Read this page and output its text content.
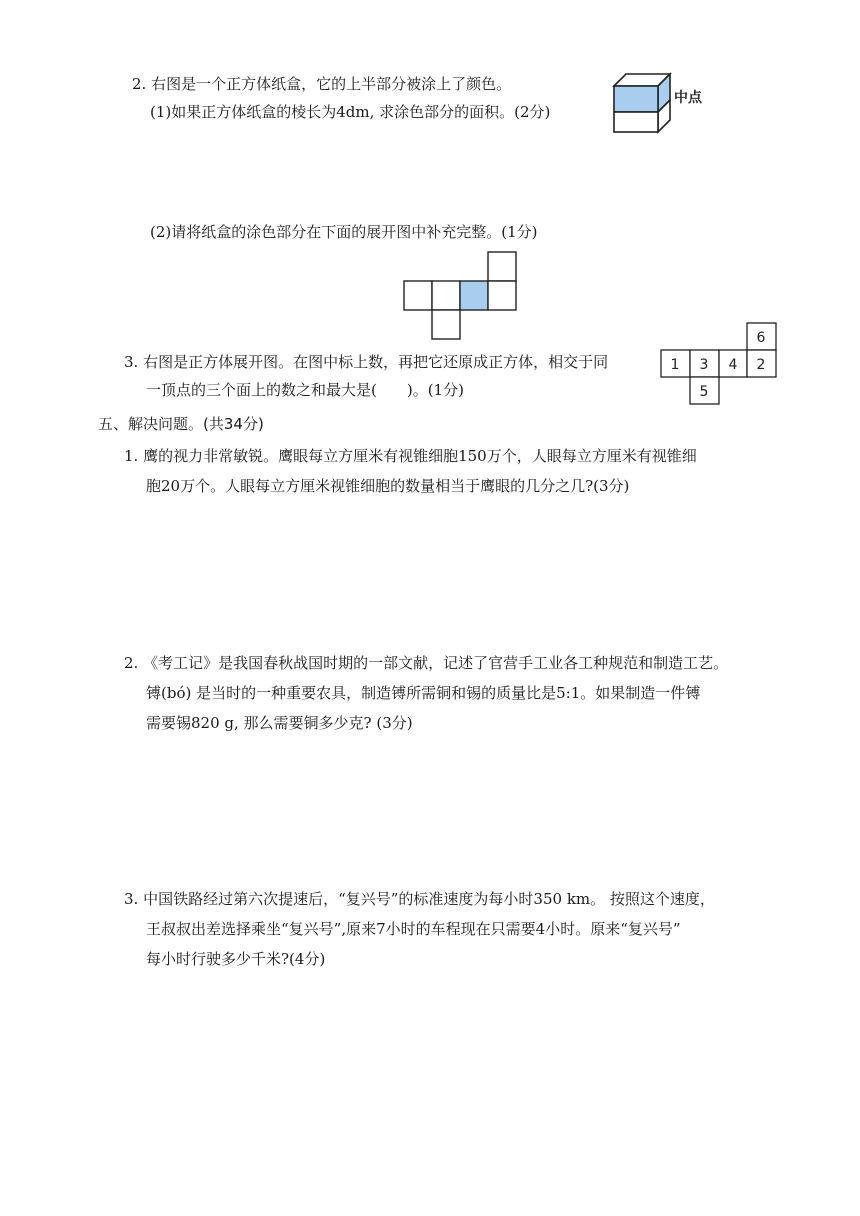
2. 右图是一个正方体纸盒，它的上半部分被涂上了颜色。
(1)如果正方体纸盒的棱长为4dm, 求涂色部分的面积。(2分)
中点
(2)请将纸盒的涂色部分在下面的展开图中补充完整。(1分)
3. 右图是正方体展开图。在图中标上数，再把它还原成正方体，相交于同
一顶点的三个面上的数之和最大是(　　)。(1分)
6
1 3 4 2
5
五、解决问题。(共34分)
1. 鹰的视力非常敏锐。鹰眼每立方厘米有视锥细胞150万个，人眼每立方厘米有视锥细
胞20万个。人眼每立方厘米视锥细胞的数量相当于鹰眼的几分之几?(3分)
2. 《考工记》是我国春秋战国时期的一部文献，记述了官营手工业各工种规范和制造工艺。
镈(bó) 是当时的一种重要农具，制造镈所需铜和锡的质量比是5:1。如果制造一件镈
需要锡820 g, 那么需要铜多少克? (3分)
3. 中国铁路经过第六次提速后，“复兴号”的标准速度为每小时350 km。 按照这个速度，
王叔叔出差选择乘坐“复兴号”,原来7小时的车程现在只需要4小时。原来“复兴号”
每小时行驶多少千米?(4分)
